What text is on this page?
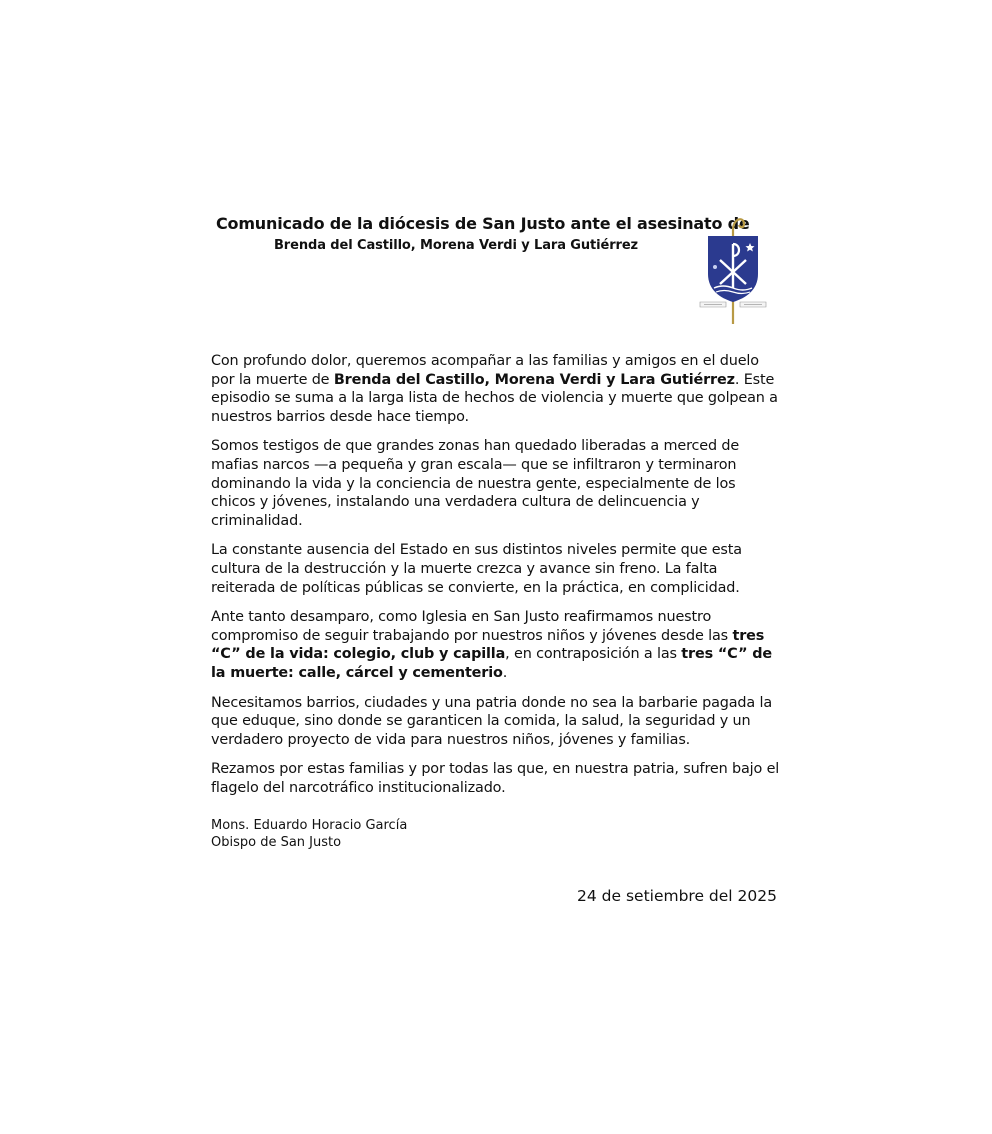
Comunicado de la diócesis de San Justo ante el asesinato de
Brenda del Castillo, Morena Verdi y Lara Gutiérrez

Con profundo dolor, queremos acompañar a las familias y amigos en el duelo por la muerte de Brenda del Castillo, Morena Verdi y Lara Gutiérrez. Este episodio se suma a la larga lista de hechos de violencia y muerte que golpean a nuestros barrios desde hace tiempo.

Somos testigos de que grandes zonas han quedado liberadas a merced de mafias narcos —a pequeña y gran escala— que se infiltraron y terminaron dominando la vida y la conciencia de nuestra gente, especialmente de los chicos y jóvenes, instalando una verdadera cultura de delincuencia y criminalidad.

La constante ausencia del Estado en sus distintos niveles permite que esta cultura de la destrucción y la muerte crezca y avance sin freno. La falta reiterada de políticas públicas se convierte, en la práctica, en complicidad.

Ante tanto desamparo, como Iglesia en San Justo reafirmamos nuestro compromiso de seguir trabajando por nuestros niños y jóvenes desde las tres “C” de la vida: colegio, club y capilla, en contraposición a las tres “C” de la muerte: calle, cárcel y cementerio.

Necesitamos barrios, ciudades y una patria donde no sea la barbarie pagada la que eduque, sino donde se garanticen la comida, la salud, la seguridad y un verdadero proyecto de vida para nuestros niños, jóvenes y familias.

Rezamos por estas familias y por todas las que, en nuestra patria, sufren bajo el flagelo del narcotráfico institucionalizado.

Mons. Eduardo Horacio García
Obispo de San Justo
24 de setiembre del 2025
